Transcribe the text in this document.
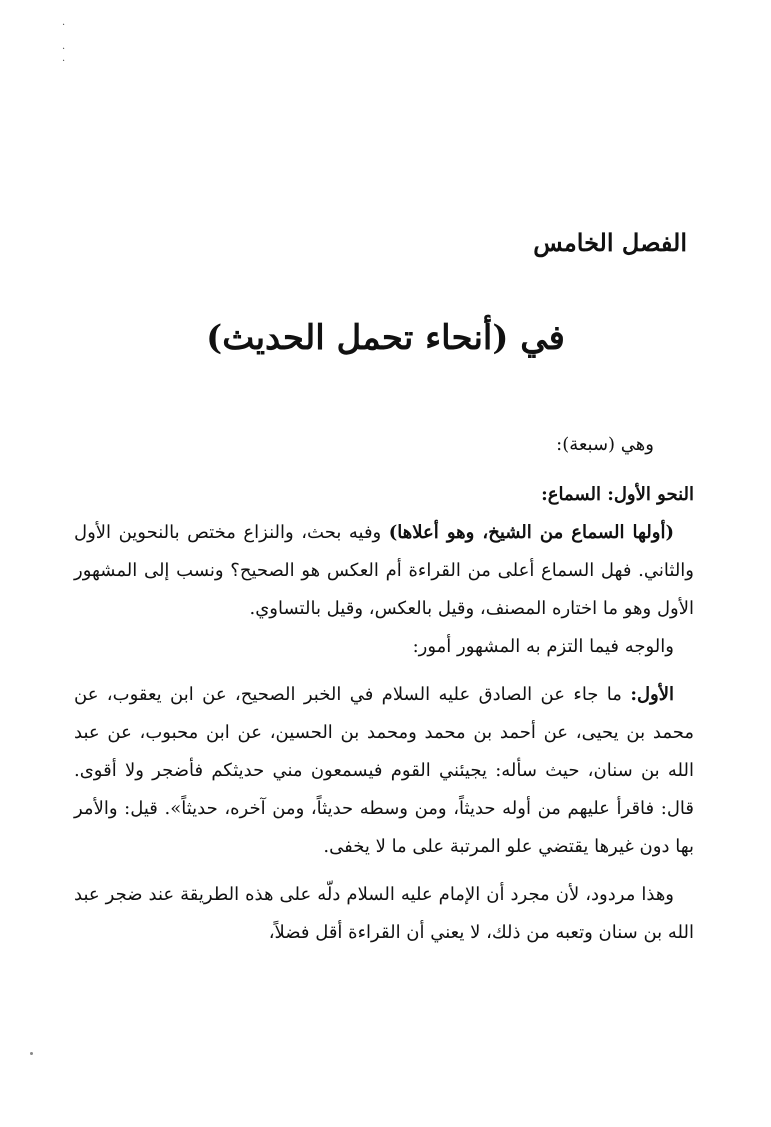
·

·
·
الفصل الخامس
في (أنحاء تحمل الحديث)

وهي (سبعة):

النحو الأول: السماع:

(أولها السماع من الشيخ، وهو أعلاها) وفيه بحث، والنزاع مختص بالنحوين الأول والثاني. فهل السماع أعلى من القراءة أم العكس هو الصحيح؟ ونسب إلى المشهور الأول وهو ما اختاره المصنف، وقيل بالعكس، وقيل بالتساوي.

والوجه فيما التزم به المشهور أمور:

الأول: ما جاء عن الصادق عليه السلام في الخبر الصحيح، عن ابن يعقوب، عن محمد بن يحيى، عن أحمد بن محمد ومحمد بن الحسين، عن ابن محبوب، عن عبد الله بن سنان، حيث سأله: يجيئني القوم فيسمعون مني حديثكم فأضجر ولا أقوى. قال: فاقرأ عليهم من أوله حديثاً، ومن وسطه حديثاً، ومن آخره، حديثاً». قيل: والأمر بها دون غيرها يقتضي علو المرتبة على ما لا يخفى.

وهذا مردود، لأن مجرد أن الإمام عليه السلام دلّه على هذه الطريقة عند ضجر عبد الله بن سنان وتعبه من ذلك، لا يعني أن القراءة أقل فضلاً،
